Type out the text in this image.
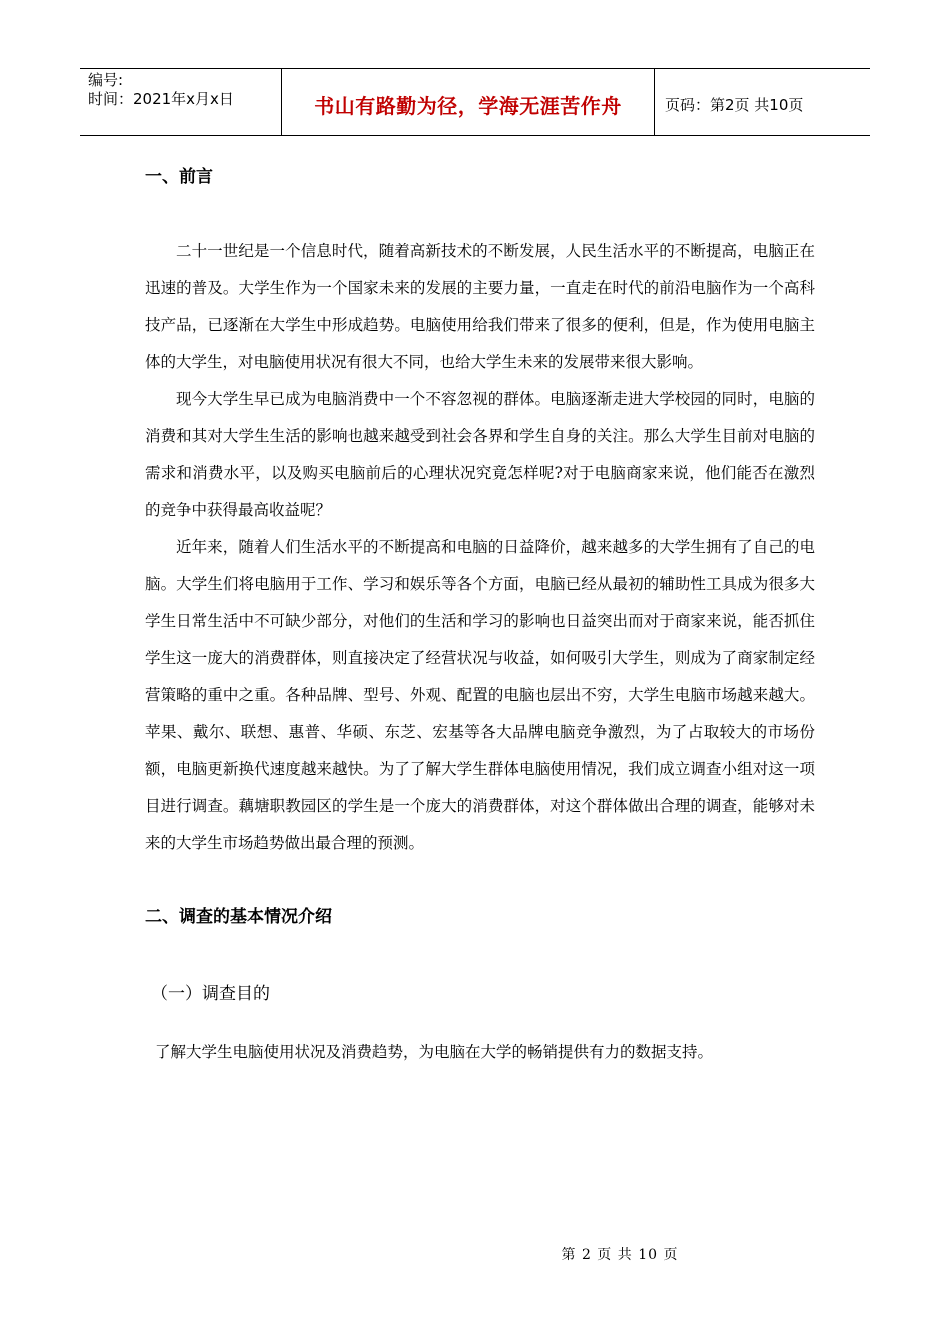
编号:
时间：2021年x月x日	书山有路勤为径，学海无涯苦作舟	页码：第2页 共10页
一、前言

二十一世纪是一个信息时代，随着高新技术的不断发展，人民生活水平的不断提高，电脑正在迅速的普及。大学生作为一个国家未来的发展的主要力量，一直走在时代的前沿电脑作为一个高科技产品，已逐渐在大学生中形成趋势。电脑使用给我们带来了很多的便利，但是，作为使用电脑主体的大学生，对电脑使用状况有很大不同，也给大学生未来的发展带来很大影响。

现今大学生早已成为电脑消费中一个不容忽视的群体。电脑逐渐走进大学校园的同时，电脑的消费和其对大学生生活的影响也越来越受到社会各界和学生自身的关注。那么大学生目前对电脑的需求和消费水平，以及购买电脑前后的心理状况究竟怎样呢?对于电脑商家来说，他们能否在激烈的竞争中获得最高收益呢？

近年来，随着人们生活水平的不断提高和电脑的日益降价，越来越多的大学生拥有了自己的电脑。大学生们将电脑用于工作、学习和娱乐等各个方面，电脑已经从最初的辅助性工具成为很多大学生日常生活中不可缺少部分，对他们的生活和学习的影响也日益突出而对于商家来说，能否抓住学生这一庞大的消费群体，则直接决定了经营状况与收益，如何吸引大学生，则成为了商家制定经营策略的重中之重。各种品牌、型号、外观、配置的电脑也层出不穷，大学生电脑市场越来越大。苹果、戴尔、联想、惠普、华硕、东芝、宏基等各大品牌电脑竞争激烈，为了占取较大的市场份额，电脑更新换代速度越来越快。为了了解大学生群体电脑使用情况，我们成立调查小组对这一项目进行调查。藕塘职教园区的学生是一个庞大的消费群体，对这个群体做出合理的调查，能够对未来的大学生市场趋势做出最合理的预测。

二、调查的基本情况介绍
（一）调查目的

了解大学生电脑使用状况及消费趋势，为电脑在大学的畅销提供有力的数据支持。

第 2 页 共 10 页
